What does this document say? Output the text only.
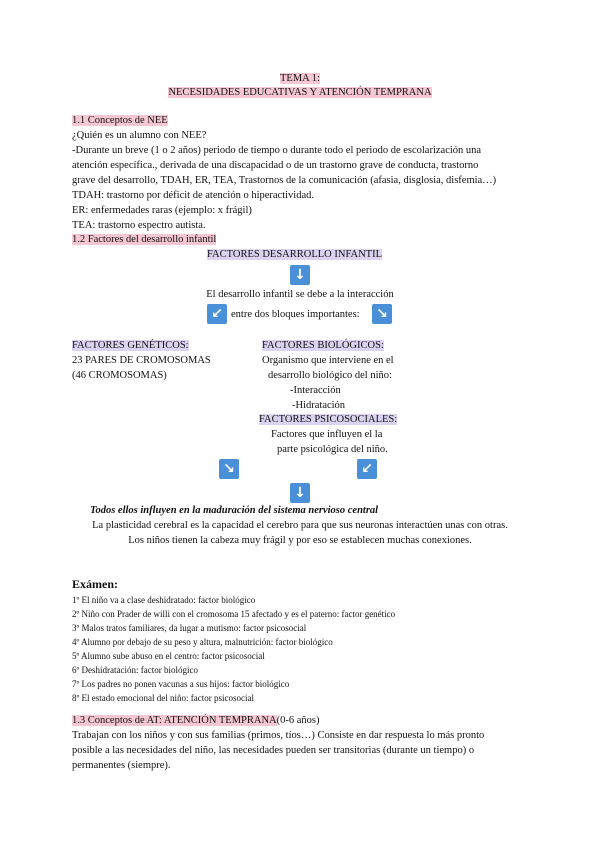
TEMA 1:
NECESIDADES EDUCATIVAS Y ATENCIÓN TEMPRANA
1.1 Conceptos de NEE
¿Quién es un alumno con NEE?
-Durante un breve (1 o 2 años) periodo de tiempo o durante todo el periodo de escolarización una
atención específica., derivada de una discapacidad o de un trastorno grave de conducta, trastorno
grave del desarrollo, TDAH, ER, TEA, Trastornos de la comunicación (afasia, disglosia, disfemia…)
TDAH: trastorno por déficit de atención o hiperactividad.
ER: enfermedades raras (ejemplo: x frágil)
TEA: trastorno espectro autista.
1.2 Factores del desarrollo infantil
FACTORES DESARROLLO INFANTIL
↓
El desarrollo infantil se debe a la interacción
↙ entre dos bloques importantes: ↘
FACTORES GENÉTICOS:
23 PARES DE CROMOSOMAS
(46 CROMOSOMAS)
FACTORES BIOLÓGICOS:
Organismo que interviene en el
desarrollo biológico del niño:
-Interacción
-Hidratación
FACTORES PSICOSOCIALES:
Factores que influyen el la
parte psicológica del niño.
↘	↙
↓
Todos ellos influyen en la maduración del sistema nervioso central
La plasticidad cerebral es la capacidad el cerebro para que sus neuronas interactúen unas con otras.
Los niños tienen la cabeza muy frágil y por eso se establecen muchas conexiones.
Exámen:
1º El niño va a clase deshidratado: factor biológico
2º Niño con Prader de willi con el cromosoma 15 afectado y es el paterno: factor genético
3º Malos tratos familiares, da lugar a mutismo: factor psicosocial
4º Alumno por debajo de su peso y altura, malnutrición: factor biológico
5º Alumno sube abuso en el centro: factor psicosocial
6º Deshidratación: factor biológico
7º Los padres no ponen vacunas a sus hijos: factor biológico
8º El estado emocional del niño: factor psicosocial
1.3 Conceptos de AT: ATENCIÓN TEMPRANA(0-6 años)
Trabajan con los niños y con sus familias (primos, tíos…) Consiste en dar respuesta lo más pronto
posible a las necesidades del niño, las necesidades pueden ser transitorias (durante un tiempo) o
permanentes (siempre).
